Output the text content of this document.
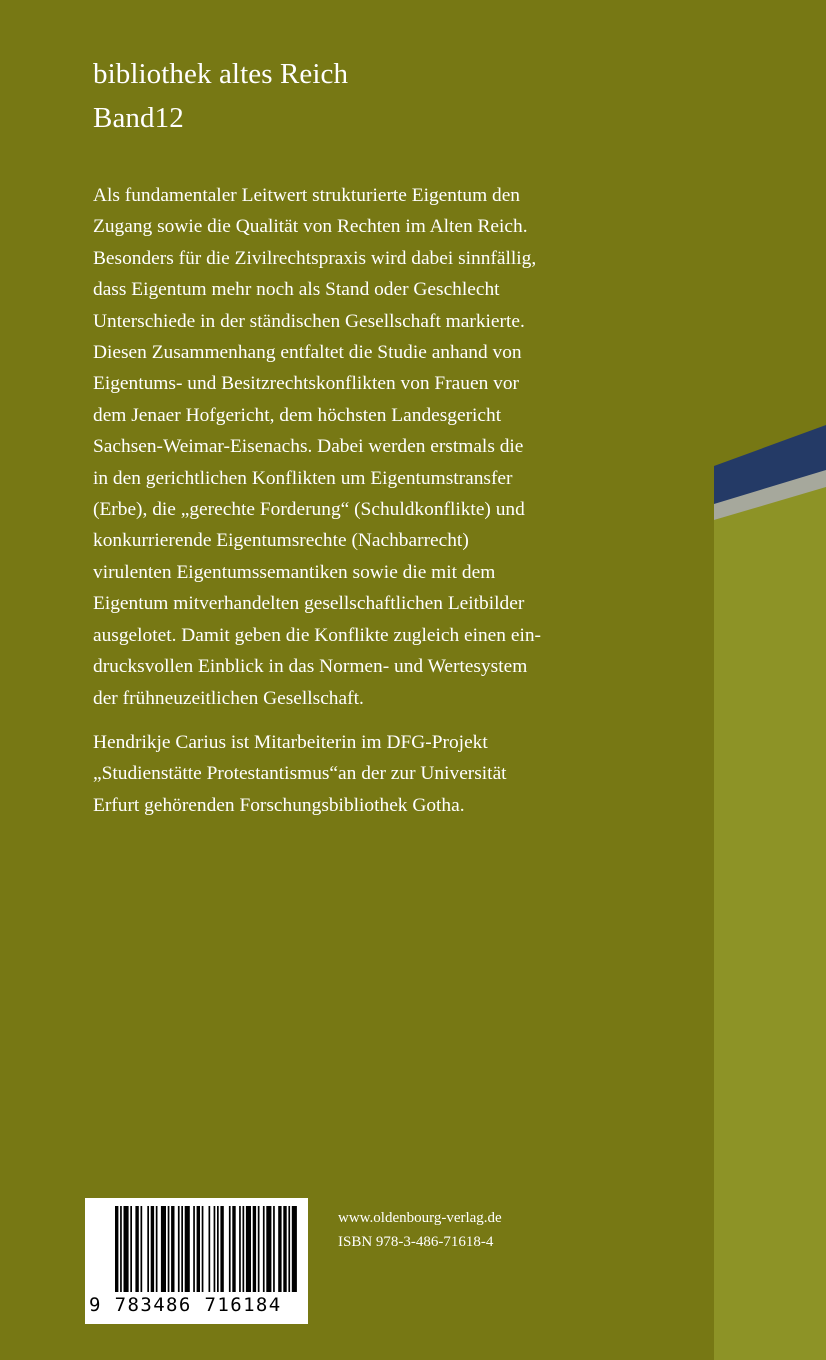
bibliothek altes Reich
Band12
Als fundamentaler Leitwert strukturierte Eigentum den
Zugang sowie die Qualität von Rechten im Alten Reich.
Besonders für die Zivilrechtspraxis wird dabei sinnfällig,
dass Eigentum mehr noch als Stand oder Geschlecht
Unterschiede in der ständischen Gesellschaft markierte.
Diesen Zusammenhang entfaltet die Studie anhand von
Eigentums- und Besitzrechtskonflikten von Frauen vor
dem Jenaer Hofgericht, dem höchsten Landesgericht
Sachsen-Weimar-Eisenachs. Dabei werden erstmals die
in den gerichtlichen Konflikten um Eigentumstransfer
(Erbe), die „gerechte Forderung“ (Schuldkonflikte) und
konkurrierende Eigentumsrechte (Nachbarrecht)
virulenten Eigentumssemantiken sowie die mit dem
Eigentum mitverhandelten gesellschaftlichen Leitbilder
ausgelotet. Damit geben die Konflikte zugleich einen ein-
drucksvollen Einblick in das Normen- und Wertesystem
der frühneuzeitlichen Gesellschaft.
Hendrikje Carius ist Mitarbeiterin im DFG-Projekt
„Studienstätte Protestantismus“an der zur Universität
Erfurt gehörenden Forschungsbibliothek Gotha.
9 783486 716184
www.oldenbourg-verlag.de
ISBN 978-3-486-71618-4
